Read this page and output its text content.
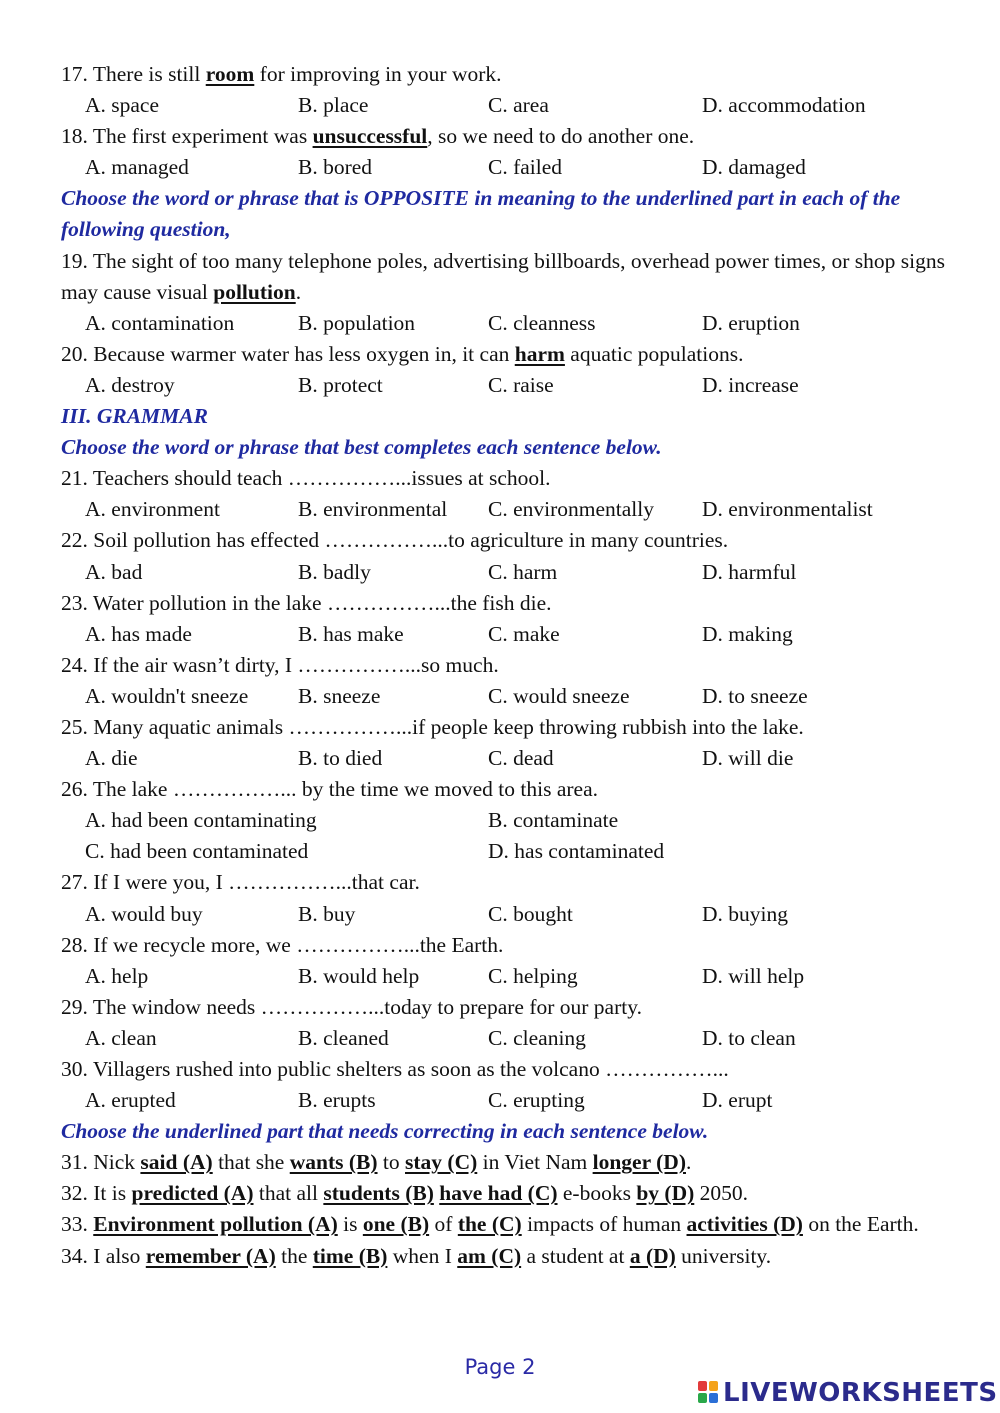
17. There is still room for improving in your work.
A. space	B. place	C. area	D. accommodation
18. The first experiment was unsuccessful, so we need to do another one.
A. managed	B. bored	C. failed	D. damaged
Choose the word or phrase that is OPPOSITE in meaning to the underlined part in each of the following question,
19. The sight of too many telephone poles, advertising billboards, overhead power times, or shop signs may cause visual pollution.
A. contamination	B. population	C. cleanness	D. eruption
20. Because warmer water has less oxygen in, it can harm aquatic populations.
A. destroy	B. protect	C. raise	D. increase
III. GRAMMAR
Choose the word or phrase that best completes each sentence below.
21. Teachers should teach ……………...issues at school.
A. environment	B. environmental C. environmentally D. environmentalist
22. Soil pollution has effected ……………...to agriculture in many countries.
A. bad	B. badly	C. harm	D. harmful
23. Water pollution in the lake ……………...the fish die.
A. has made	B. has make	C. make	D. making
24. If the air wasn’t dirty, I ……………...so much.
A. wouldn't sneeze B. sneeze	C. would sneeze	D. to sneeze
25. Many aquatic animals ……………...if people keep throwing rubbish into the lake.
A. die	B. to died	C. dead	D. will die
26. The lake ……………... by the time we moved to this area.
A. had been contaminating	B. contaminate
C. had been contaminated	D. has contaminated
27. If I were you, I ……………...that car.
A. would buy	B. buy	C. bought	D. buying
28. If we recycle more, we ……………...the Earth.
A. help	B. would help	C. helping	D. will help
29. The window needs ……………...today to prepare for our party.
A. clean	B. cleaned	C. cleaning	D. to clean
30. Villagers rushed into public shelters as soon as the volcano ……………...
A. erupted	B. erupts	C. erupting	D. erupt
Choose the underlined part that needs correcting in each sentence below.
31. Nick said (A) that she wants (B) to stay (C) in Viet Nam longer (D).
32. It is predicted (A) that all students (B) have had (C) e-books by (D) 2050.
33. Environment pollution (A) is one (B) of the (C) impacts of human activities (D) on the Earth.
34. I also remember (A) the time (B) when I am (C) a student at a (D) university.
Page 2
LIVEWORKSHEETS
